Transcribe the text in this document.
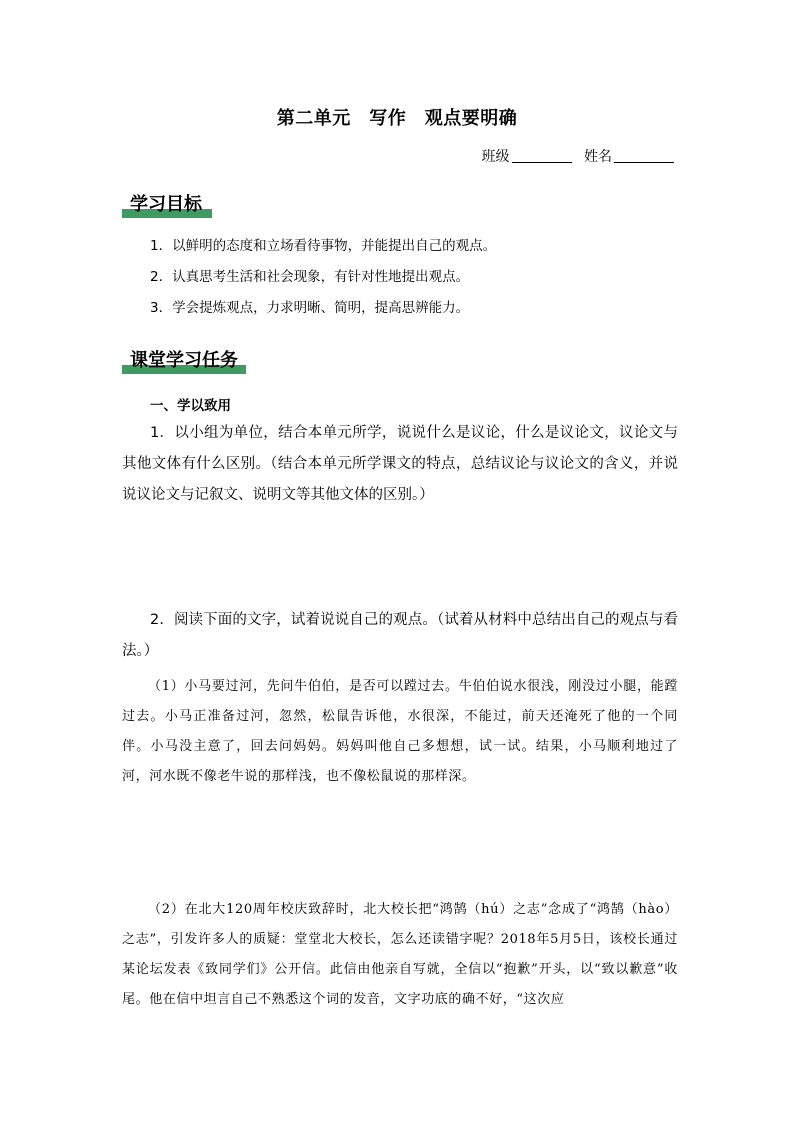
第二单元　写作　观点要明确
班级	姓名
学习目标
1．以鲜明的态度和立场看待事物，并能提出自己的观点。
2．认真思考生活和社会现象，有针对性地提出观点。
3．学会提炼观点，力求明晰、简明，提高思辨能力。
课堂学习任务
一、学以致用
1．以小组为单位，结合本单元所学，说说什么是议论，什么是议论文，议论文与其他文体有什么区别。（结合本单元所学课文的特点，总结议论与议论文的含义，并说说议论文与记叙文、说明文等其他文体的区别。）
2．阅读下面的文字，试着说说自己的观点。（试着从材料中总结出自己的观点与看法。）
（1）小马要过河，先问牛伯伯，是否可以蹚过去。牛伯伯说水很浅，刚没过小腿，能蹚过去。小马正准备过河，忽然，松鼠告诉他，水很深，不能过，前天还淹死了他的一个同伴。小马没主意了，回去问妈妈。妈妈叫他自己多想想，试一试。结果，小马顺利地过了河，河水既不像老牛说的那样浅，也不像松鼠说的那样深。
（2）在北大120周年校庆致辞时，北大校长把“鸿鹄（hú）之志”念成了“鸿鹄（hào）之志”，引发许多人的质疑：堂堂北大校长，怎么还读错字呢？2018年5月5日，该校长通过某论坛发表《致同学们》公开信。此信由他亲自写就，全信以“抱歉”开头，以“致以歉意”收尾。他在信中坦言自己不熟悉这个词的发音，文字功底的确不好，“这次应
